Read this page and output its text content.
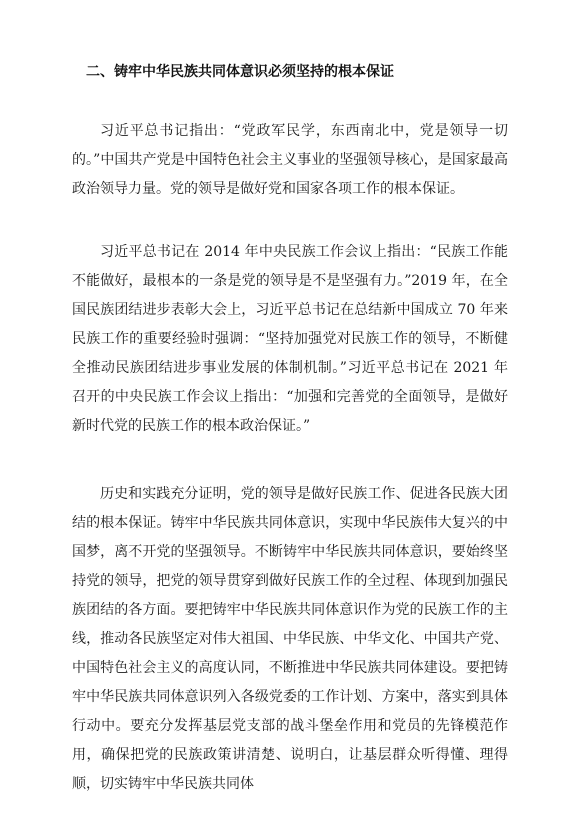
二、铸牢中华民族共同体意识必须坚持的根本保证

习近平总书记指出：“党政军民学，东西南北中，党是领导一切的。”中国共产党是中国特色社会主义事业的坚强领导核心，是国家最高政治领导力量。党的领导是做好党和国家各项工作的根本保证。

习近平总书记在 2014 年中央民族工作会议上指出：“民族工作能不能做好，最根本的一条是党的领导是不是坚强有力。”2019 年，在全国民族团结进步表彰大会上，习近平总书记在总结新中国成立 70 年来民族工作的重要经验时强调：“坚持加强党对民族工作的领导，不断健全推动民族团结进步事业发展的体制机制。”习近平总书记在 2021 年召开的中央民族工作会议上指出：“加强和完善党的全面领导，是做好新时代党的民族工作的根本政治保证。”

历史和实践充分证明，党的领导是做好民族工作、促进各民族大团结的根本保证。铸牢中华民族共同体意识，实现中华民族伟大复兴的中国梦，离不开党的坚强领导。不断铸牢中华民族共同体意识，要始终坚持党的领导，把党的领导贯穿到做好民族工作的全过程、体现到加强民族团结的各方面。要把铸牢中华民族共同体意识作为党的民族工作的主线，推动各民族坚定对伟大祖国、中华民族、中华文化、中国共产党、中国特色社会主义的高度认同，不断推进中华民族共同体建设。要把铸牢中华民族共同体意识列入各级党委的工作计划、方案中，落实到具体行动中。要充分发挥基层党支部的战斗堡垒作用和党员的先锋模范作用，确保把党的民族政策讲清楚、说明白，让基层群众听得懂、理得顺，切实铸牢中华民族共同体
